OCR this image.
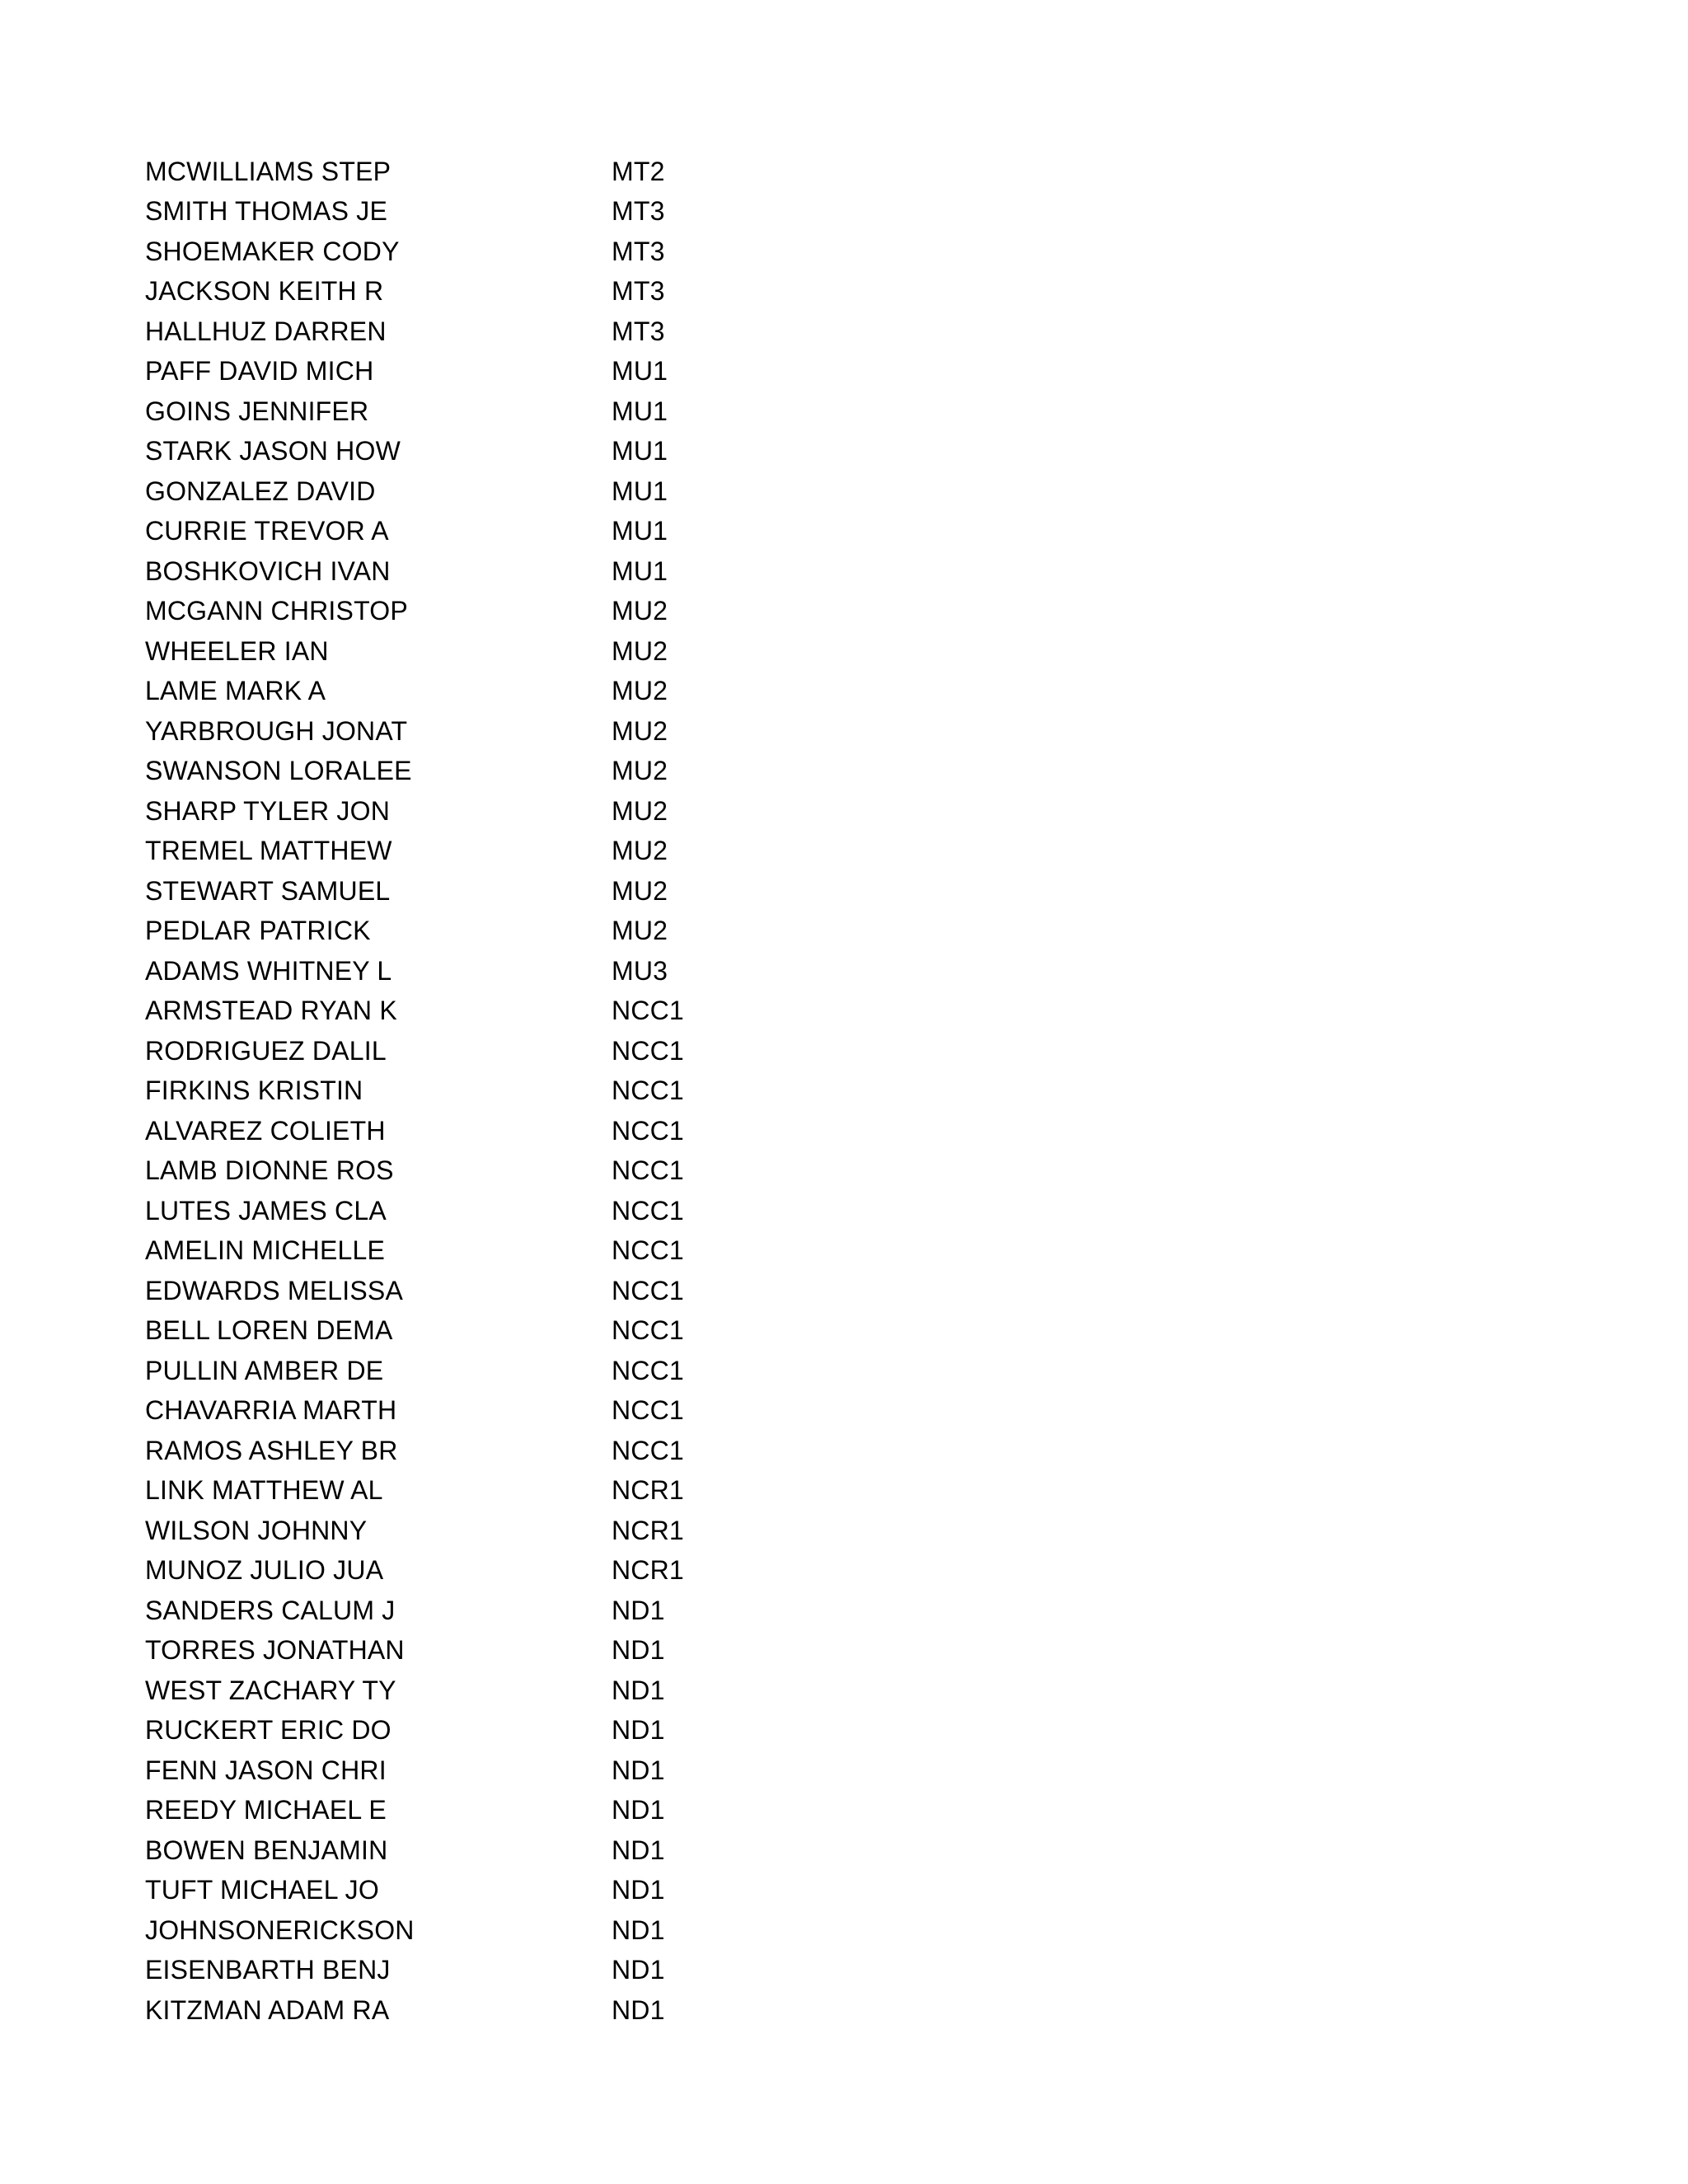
MCWILLIAMS STEP	MT2
SMITH THOMAS JE	MT3
SHOEMAKER CODY	MT3
JACKSON KEITH R	MT3
HALLHUZ DARREN	MT3
PAFF DAVID MICH	MU1
GOINS JENNIFER	MU1
STARK JASON HOW	MU1
GONZALEZ DAVID	MU1
CURRIE TREVOR A	MU1
BOSHKOVICH IVAN	MU1
MCGANN CHRISTOP	MU2
WHEELER IAN	MU2
LAME MARK A	MU2
YARBROUGH JONAT	MU2
SWANSON LORALEE	MU2
SHARP TYLER JON	MU2
TREMEL MATTHEW	MU2
STEWART SAMUEL	MU2
PEDLAR PATRICK	MU2
ADAMS WHITNEY L	MU3
ARMSTEAD RYAN K	NCC1
RODRIGUEZ DALIL	NCC1
FIRKINS KRISTIN	NCC1
ALVAREZ COLIETH	NCC1
LAMB DIONNE ROS	NCC1
LUTES JAMES CLA	NCC1
AMELIN MICHELLE	NCC1
EDWARDS MELISSA	NCC1
BELL LOREN DEMA	NCC1
PULLIN AMBER DE	NCC1
CHAVARRIA MARTH	NCC1
RAMOS ASHLEY BR	NCC1
LINK MATTHEW AL	NCR1
WILSON JOHNNY	NCR1
MUNOZ JULIO JUA	NCR1
SANDERS CALUM J	ND1
TORRES JONATHAN	ND1
WEST ZACHARY TY	ND1
RUCKERT ERIC DO	ND1
FENN JASON CHRI	ND1
REEDY MICHAEL E	ND1
BOWEN BENJAMIN	ND1
TUFT MICHAEL JO	ND1
JOHNSONERICKSON	ND1
EISENBARTH BENJ	ND1
KITZMAN ADAM RA	ND1
